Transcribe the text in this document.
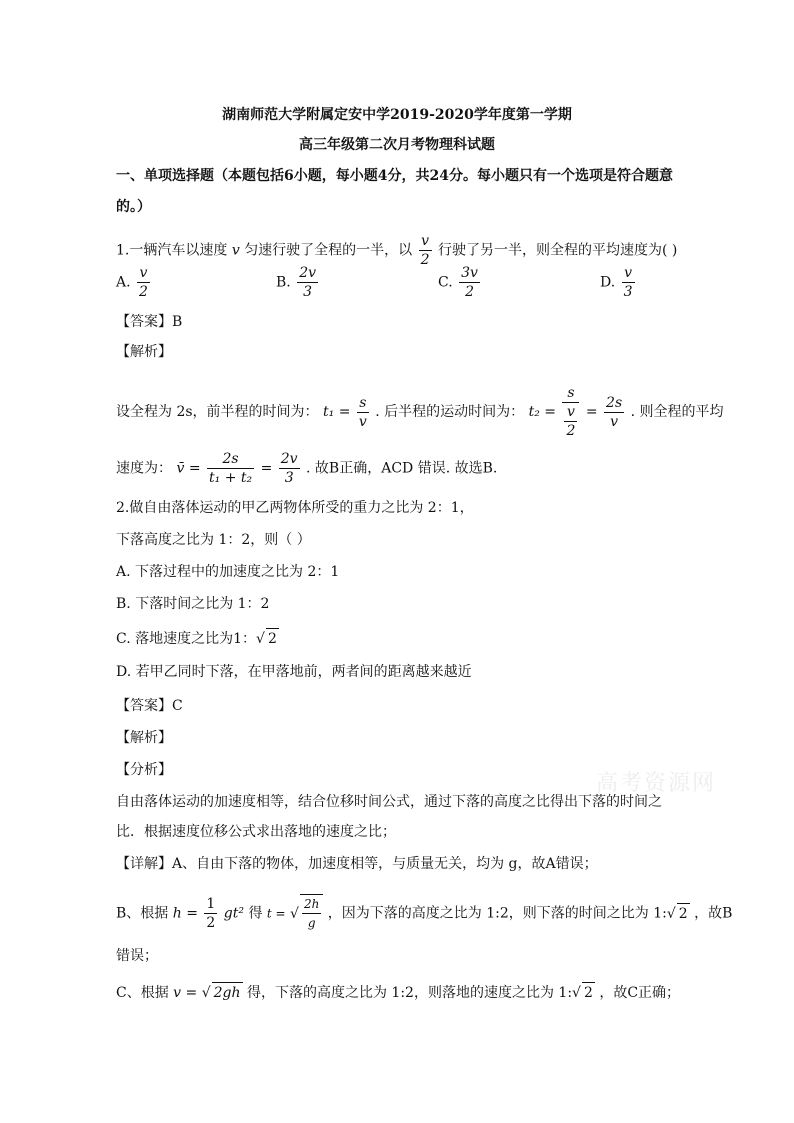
湖南师范大学附属定安中学2019-2020学年度第一学期
高三年级第二次月考物理科试题
一、单项选择题（本题包括6小题，每小题4分，共24分。每小题只有一个选项是符合题意
的。）
1.一辆汽车以速度 v 匀速行驶了全程的一半，以 $\frac{v}{2}$ 行驶了另一半，则全程的平均速度为( )
A. $\frac{v}{2}$	B. $\frac{2v}{3}$	C. $\frac{3v}{2}$	D. $\frac{v}{3}$
【答案】B
【解析】
设全程为 2s，前半程的时间为： $t_1 = \frac{s}{v}$ . 后半程的运动时间为： $t_2 = \frac{s}{\frac{v}{2}} = \frac{2s}{v}$ . 则全程的平均
速度为： v̄ = $\frac{2s}{\text{t₁ + t₂}} = \frac{2v}{3}$ . 故B正确，ACD 错误. 故选B.
2.做自由落体运动的甲乙两物体所受的重力之比为 2：1，
下落高度之比为 1：2，则（ ）
A. 下落过程中的加速度之比为 2：1
B. 下落时间之比为 1：2
C. 落地速度之比为1：√ 2
D. 若甲乙同时下落，在甲落地前，两者间的距离越来越近
【答案】C
【解析】
【分析】
自由落体运动的加速度相等，结合位移时间公式，通过下落的高度之比得出下落的时间之
比．根据速度位移公式求出落地的速度之比；
【详解】A、自由下落的物体，加速度相等，与质量无关，均为 g，故A错误；
B、根据 $h = \frac{1}{2} gt^2$ 得 t = √ $\frac{2h}{g}$ ，因为下落的高度之比为 1:2，则下落的时间之比为 1:√ 2 ，故B
错误；
C、根据 v = √ 2gh 得，下落的高度之比为 1:2，则落地的速度之比为 1:√ 2 ，故C正确；
高考资源网
